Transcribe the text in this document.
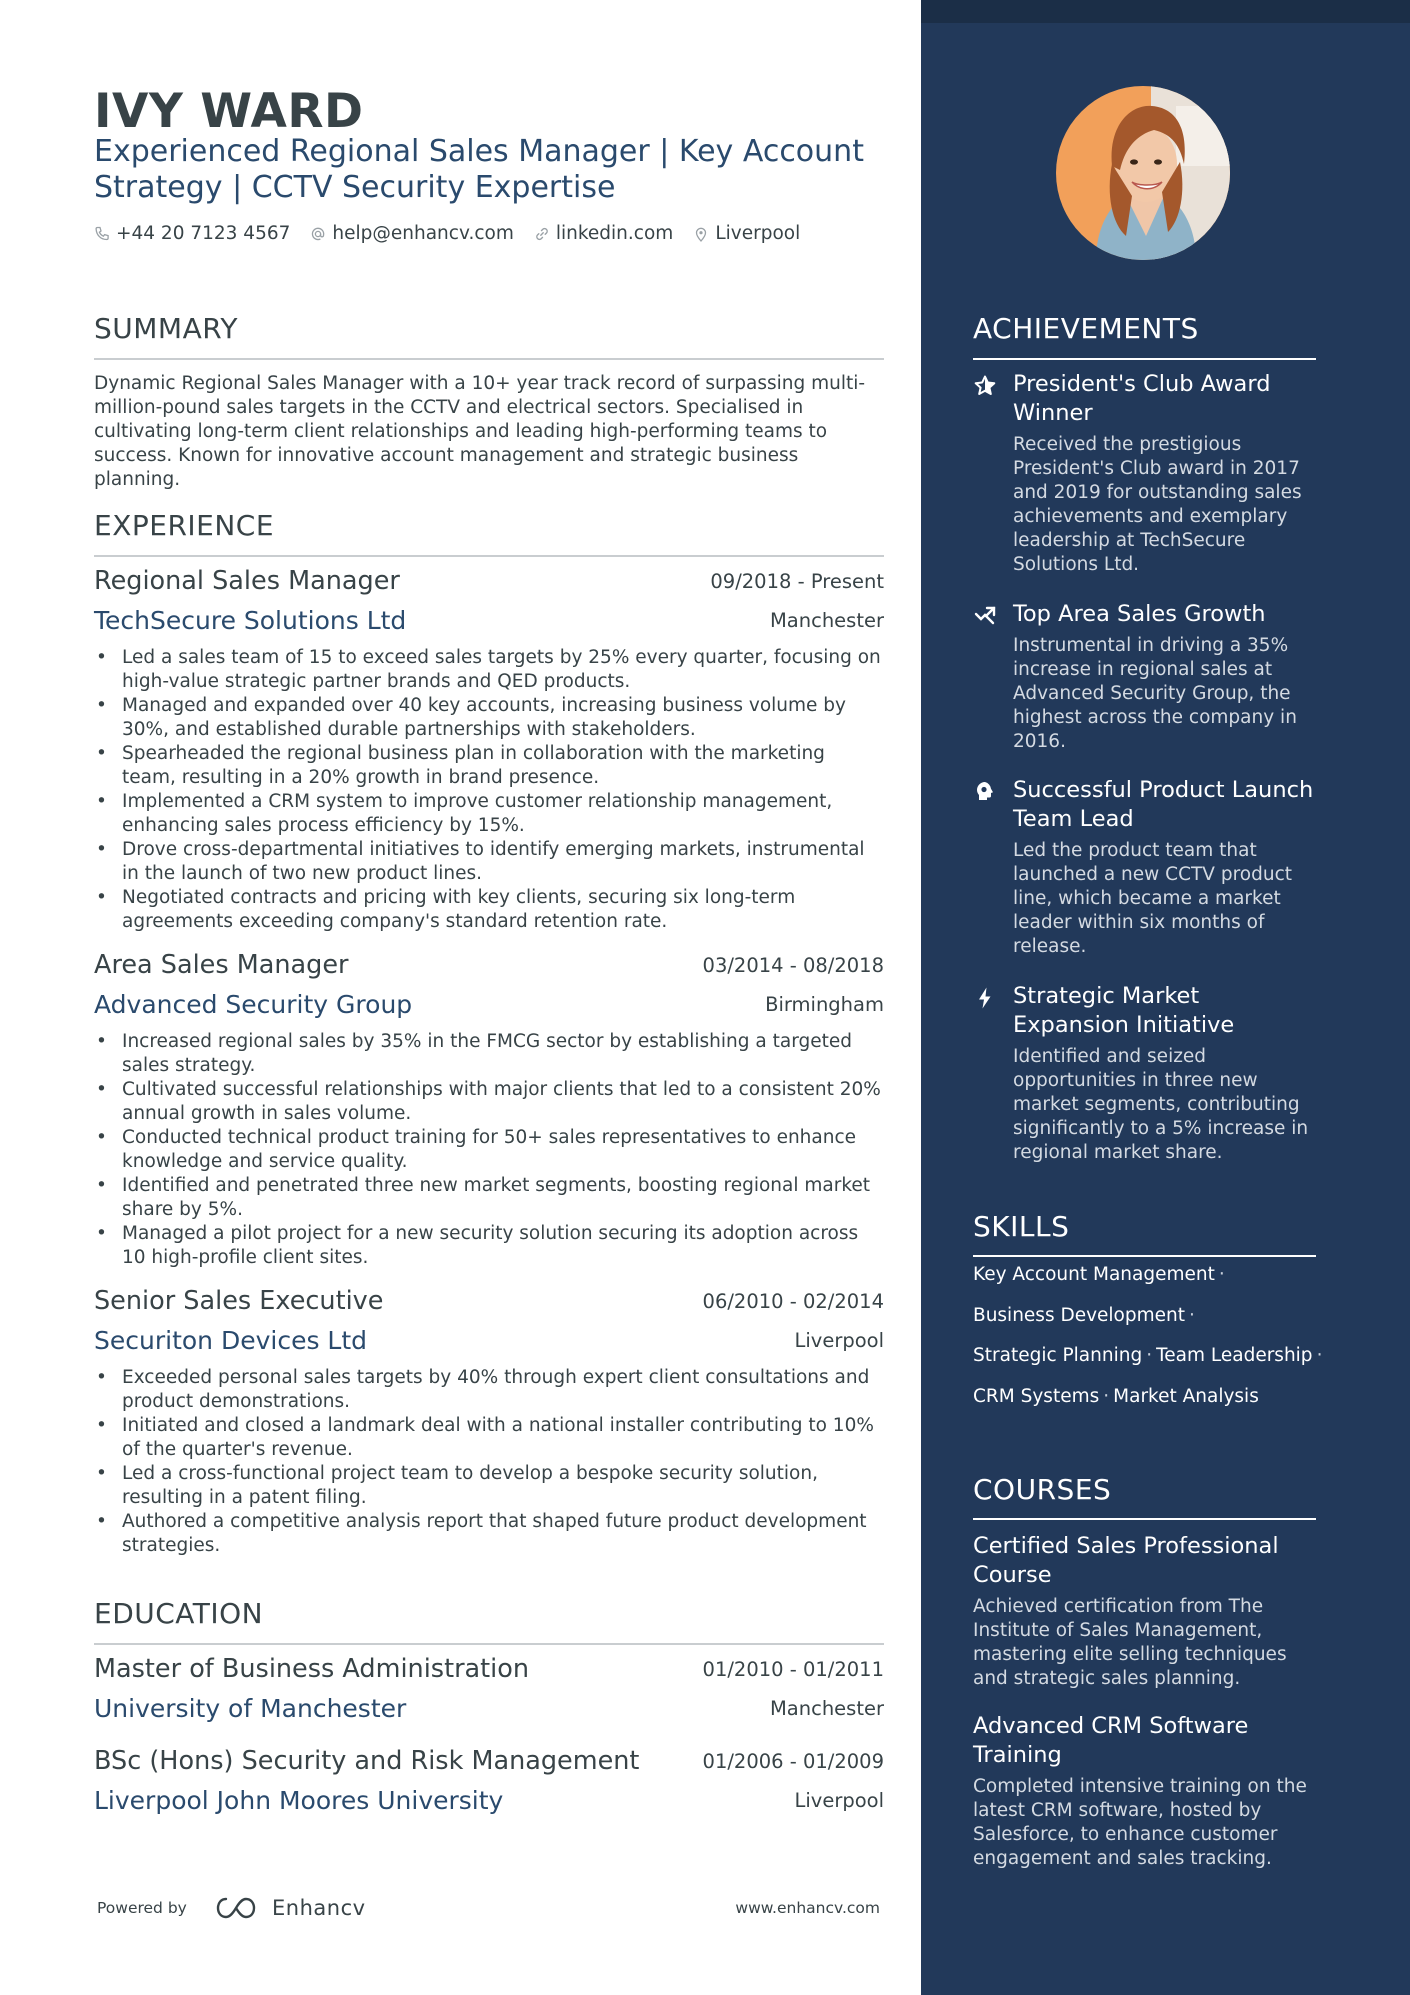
IVY WARD
Experienced Regional Sales Manager | Key Account Strategy | CCTV Security Expertise
+44 20 7123 4567 help@enhancv.com linkedin.com Liverpool
SUMMARY
Dynamic Regional Sales Manager with a 10+ year track record of surpassing multi-million-pound sales targets in the CCTV and electrical sectors. Specialised in cultivating long-term client relationships and leading high-performing teams to success. Known for innovative account management and strategic business planning.
EXPERIENCE
Regional Sales Manager	09/2018 - Present
TechSecure Solutions Ltd	Manchester
• Led a sales team of 15 to exceed sales targets by 25% every quarter, focusing on high-value strategic partner brands and QED products.
• Managed and expanded over 40 key accounts, increasing business volume by 30%, and established durable partnerships with stakeholders.
• Spearheaded the regional business plan in collaboration with the marketing team, resulting in a 20% growth in brand presence.
• Implemented a CRM system to improve customer relationship management, enhancing sales process efficiency by 15%.
• Drove cross-departmental initiatives to identify emerging markets, instrumental in the launch of two new product lines.
• Negotiated contracts and pricing with key clients, securing six long-term agreements exceeding company's standard retention rate.
Area Sales Manager	03/2014 - 08/2018
Advanced Security Group	Birmingham
• Increased regional sales by 35% in the FMCG sector by establishing a targeted sales strategy.
• Cultivated successful relationships with major clients that led to a consistent 20% annual growth in sales volume.
• Conducted technical product training for 50+ sales representatives to enhance knowledge and service quality.
• Identified and penetrated three new market segments, boosting regional market share by 5%.
• Managed a pilot project for a new security solution securing its adoption across 10 high-profile client sites.
Senior Sales Executive	06/2010 - 02/2014
Securiton Devices Ltd	Liverpool
• Exceeded personal sales targets by 40% through expert client consultations and product demonstrations.
• Initiated and closed a landmark deal with a national installer contributing to 10% of the quarter's revenue.
• Led a cross-functional project team to develop a bespoke security solution, resulting in a patent filing.
• Authored a competitive analysis report that shaped future product development strategies.
EDUCATION
Master of Business Administration	01/2010 - 01/2011
University of Manchester	Manchester
BSc (Hons) Security and Risk Management	01/2006 - 01/2009
Liverpool John Moores University	Liverpool
Powered by	Enhancv	www.enhancv.com
ACHIEVEMENTS
President's Club Award Winner
Received the prestigious President's Club award in 2017 and 2019 for outstanding sales achievements and exemplary leadership at TechSecure Solutions Ltd.
Top Area Sales Growth
Instrumental in driving a 35% increase in regional sales at Advanced Security Group, the highest across the company in 2016.
Successful Product Launch Team Lead
Led the product team that launched a new CCTV product line, which became a market leader within six months of release.
Strategic Market Expansion Initiative
Identified and seized opportunities in three new market segments, contributing significantly to a 5% increase in regional market share.
SKILLS
Key Account Management ·
Business Development ·
Strategic Planning · Team Leadership ·
CRM Systems · Market Analysis
COURSES
Certified Sales Professional Course
Achieved certification from The Institute of Sales Management, mastering elite selling techniques and strategic sales planning.
Advanced CRM Software Training
Completed intensive training on the latest CRM software, hosted by Salesforce, to enhance customer engagement and sales tracking.
